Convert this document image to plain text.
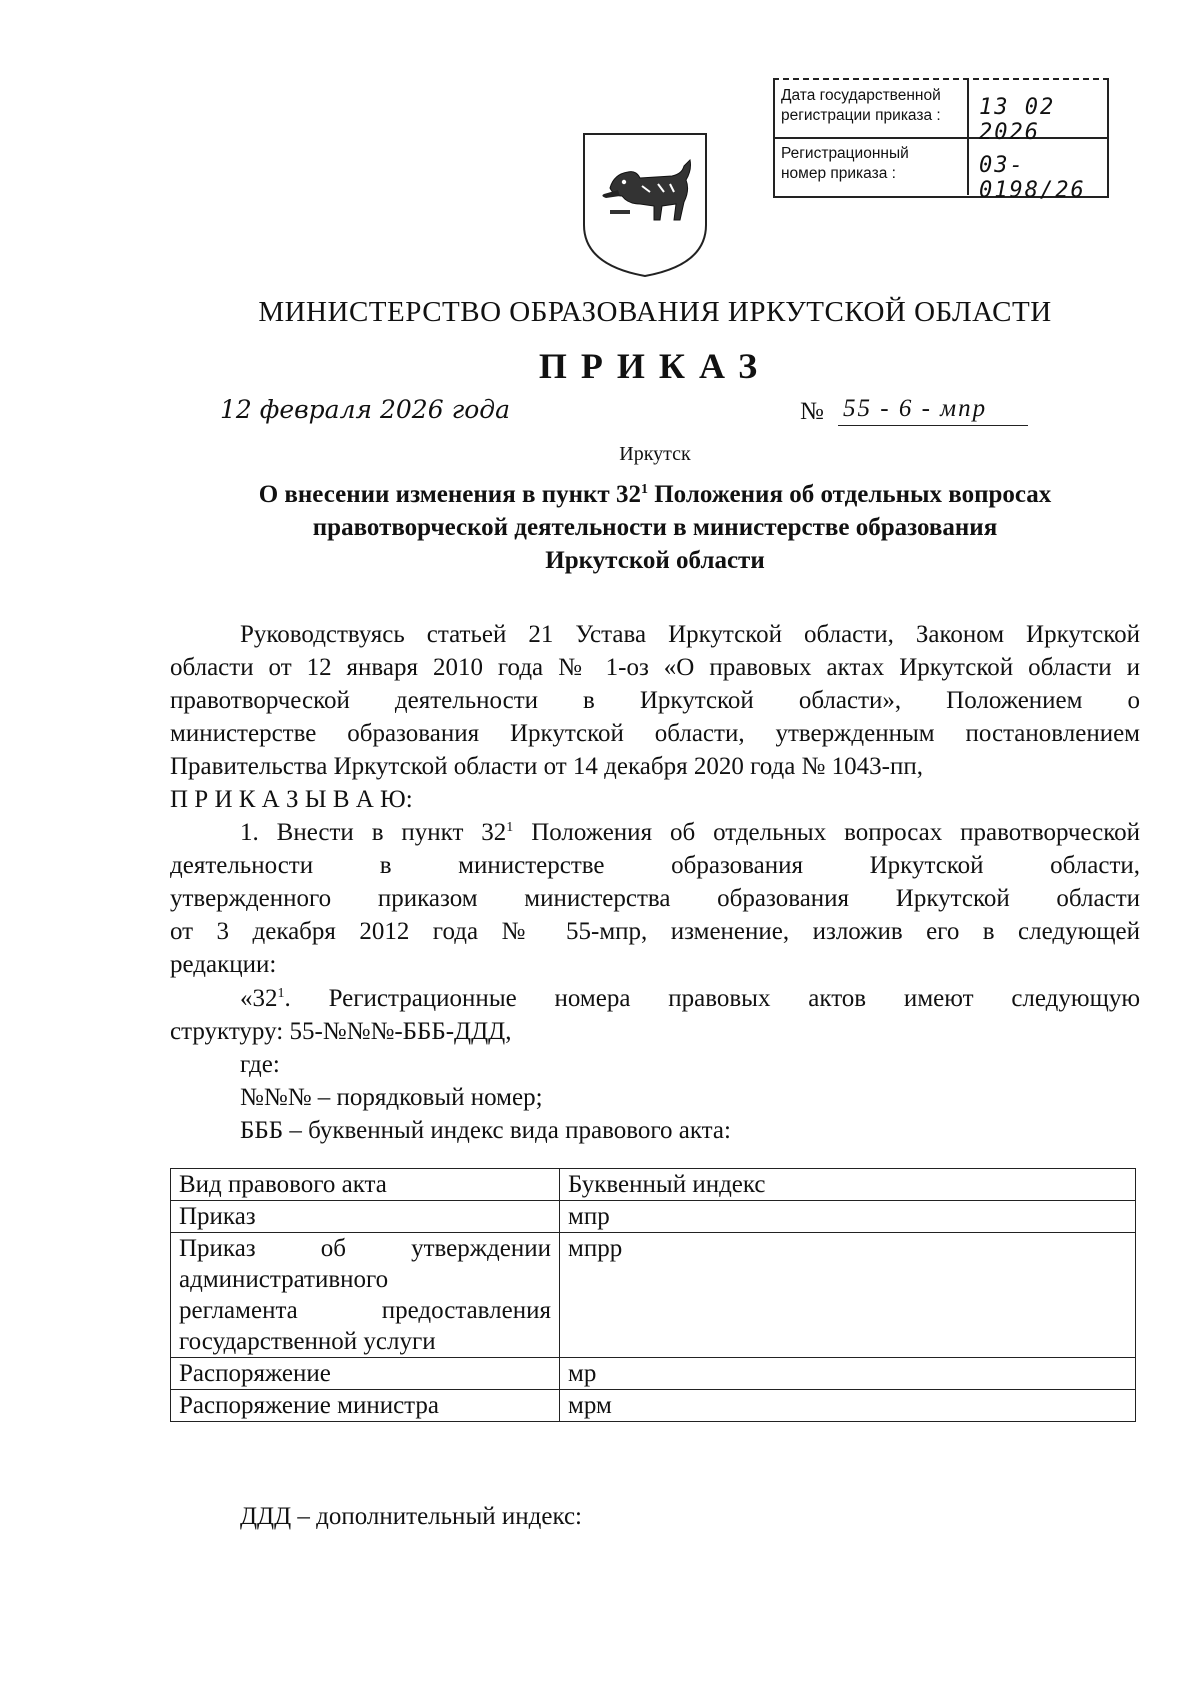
Дата государственной
регистрации приказа :	13 02 2026
Регистрационный
номер приказа :	03-0198/26
МИНИСТЕРСТВО ОБРАЗОВАНИЯ ИРКУТСКОЙ ОБЛАСТИ
ПРИКАЗ
12 февраля 2026 года	№ 55 - 6 - мпр
Иркутск
О внесении изменения в пункт $32^1$ Положения об отдельных вопросах
правотворческой деятельности в министерстве образования
Иркутской области
Руководствуясь статьей 21 Устава Иркутской области, Законом Иркутской
области от 12 января 2010 года № 1-оз «О правовых актах Иркутской области и
правотворческой деятельности в Иркутской области», Положением о
министерстве образования Иркутской области, утвержденным постановлением
Правительства Иркутской области от 14 декабря 2020 года № 1043-пп,
П Р И К А З Ы В А Ю:
1. Внести в пункт $32^1$ Положения об отдельных вопросах правотворческой
деятельности в министерстве образования Иркутской области,
утвержденного приказом министерства образования Иркутской области
от 3 декабря 2012 года № 55-мпр, изменение, изложив его в следующей
редакции:
«$32^1$. Регистрационные номера правовых актов имеют следующую
структуру: 55-№№№-БББ-ДДД,
где:
№№№ – порядковый номер;
БББ – буквенный индекс вида правового акта:
Вид правового акта	Буквенный индекс
Приказ	мпр

Приказ об утверждении
административного
регламента предоставления
государственной услуги	мпрр
Распоряжение	мр
Распоряжение министра	мрм
ДДД – дополнительный индекс:
